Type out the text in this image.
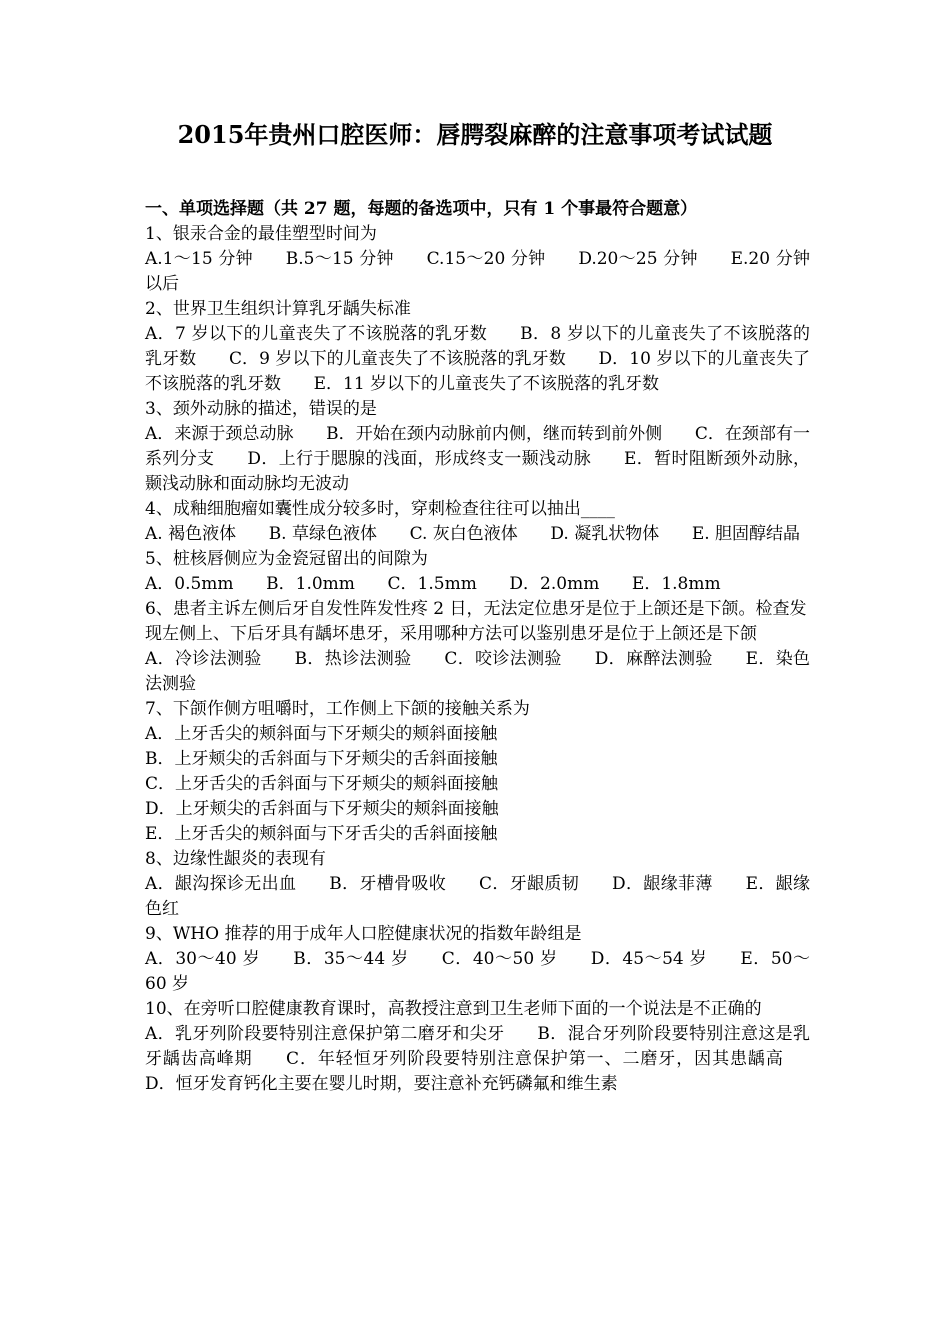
2015年贵州口腔医师：唇腭裂麻醉的注意事项考试试题
一、单项选择题（共 27 题，每题的备选项中，只有 1 个事最符合题意）
1、银汞合金的最佳塑型时间为
A.1～15 分钟 B.5～15 分钟 C.15～20 分钟 D.20～25 分钟 E.20 分钟以后
2、世界卫生组织计算乳牙龋失标准
A．7 岁以下的儿童丧失了不该脱落的乳牙数 B．8 岁以下的儿童丧失了不该脱落的乳牙数 C．9 岁以下的儿童丧失了不该脱落的乳牙数 D．10 岁以下的儿童丧失了不该脱落的乳牙数 E．11 岁以下的儿童丧失了不该脱落的乳牙数
3、颈外动脉的描述，错误的是
A．来源于颈总动脉 B．开始在颈内动脉前内侧，继而转到前外侧 C．在颈部有一系列分支 D．上行于腮腺的浅面，形成终支一颞浅动脉 E．暂时阻断颈外动脉，颞浅动脉和面动脉均无波动
4、成釉细胞瘤如囊性成分较多时，穿刺检查往往可以抽出____
A. 褐色液体 B. 草绿色液体 C. 灰白色液体 D. 凝乳状物体 E. 胆固醇结晶
5、桩核唇侧应为金瓷冠留出的间隙为
A．0.5mm B．1.0mm C．1.5mm D．2.0mm E．1.8mm
6、患者主诉左侧后牙自发性阵发性疼 2 日，无法定位患牙是位于上颌还是下颌。检查发现左侧上、下后牙具有龋坏患牙，采用哪种方法可以鉴别患牙是位于上颌还是下颌
A．冷诊法测验 B．热诊法测验 C．咬诊法测验 D．麻醉法测验 E．染色法测验
7、下颌作侧方咀嚼时，工作侧上下颌的接触关系为
A．上牙舌尖的颊斜面与下牙颊尖的颊斜面接触
B．上牙颊尖的舌斜面与下牙颊尖的舌斜面接触
C．上牙舌尖的舌斜面与下牙颊尖的颊斜面接触
D．上牙颊尖的舌斜面与下牙颊尖的颊斜面接触
E．上牙舌尖的颊斜面与下牙舌尖的舌斜面接触
8、边缘性龈炎的表现有
A．龈沟探诊无出血 B．牙槽骨吸收 C．牙龈质韧 D．龈缘菲薄 E．龈缘色红
9、WHO 推荐的用于成年人口腔健康状况的指数年龄组是
A．30～40 岁 B．35～44 岁 C．40～50 岁 D．45～54 岁 E．50～60 岁
10、在旁听口腔健康教育课时，高教授注意到卫生老师下面的一个说法是不正确的
A．乳牙列阶段要特别注意保护第二磨牙和尖牙 B．混合牙列阶段要特别注意这是乳牙龋齿高峰期 C．年轻恒牙列阶段要特别注意保护第一、二磨牙，因其患龋高 D．恒牙发育钙化主要在婴儿时期，要注意补充钙磷氟和维生素
